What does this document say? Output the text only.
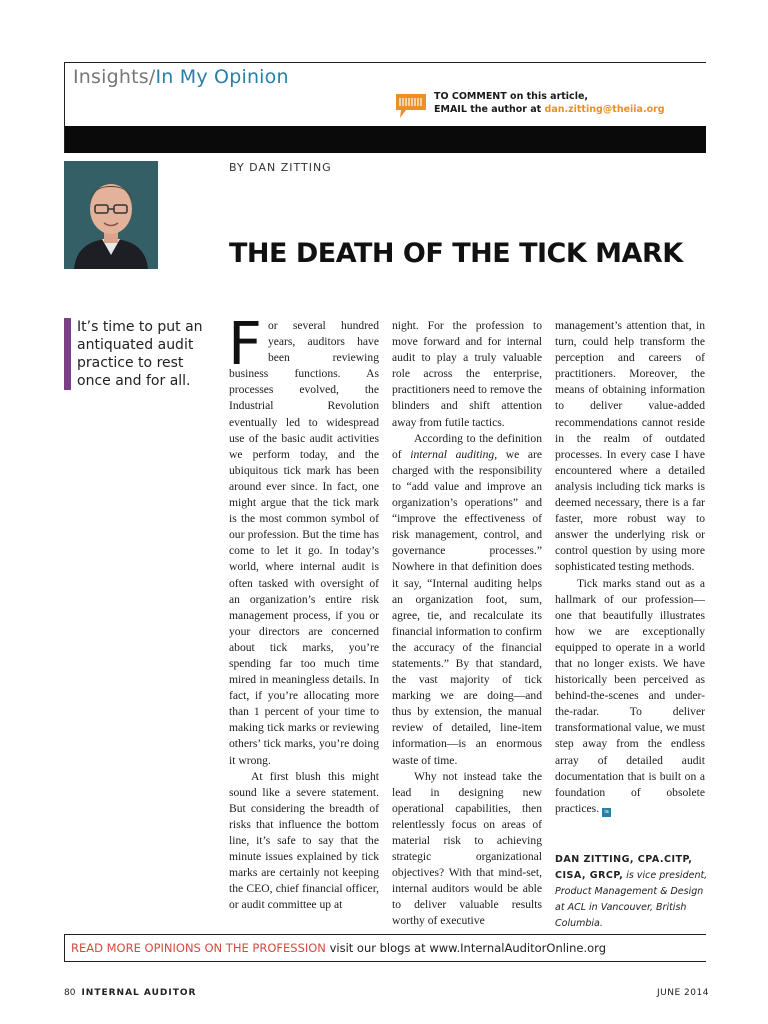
Insights/In My Opinion
TO COMMENT on this article,
EMAIL the author at dan.zitting@theiia.org
BY DAN ZITTING
THE DEATH OF THE TICK MARK
It’s time to put an antiquated audit practice to rest once and for all.

For several hundred years, auditors have been reviewing business functions. As processes evolved, the Industrial Revolution eventually led to widespread use of the basic audit activities we perform today, and the ubiquitous tick mark has been around ever since. In fact, one might argue that the tick mark is the most common symbol of our profession. But the time has come to let it go. In today’s world, where internal audit is often tasked with oversight of an organization’s entire risk management process, if you or your directors are concerned about tick marks, you’re spending far too much time mired in meaningless details. In fact, if you’re allocating more than 1 percent of your time to making tick marks or reviewing others’ tick marks, you’re doing it wrong.

At first blush this might sound like a severe statement. But considering the breadth of risks that influence the bottom line, it’s safe to say that the minute issues explained by tick marks are certainly not keeping the CEO, chief financial officer, or audit committee up at

night. For the profession to move forward and for internal audit to play a truly valuable role across the enterprise, practitioners need to remove the blinders and shift attention away from futile tactics.

According to the definition of internal auditing, we are charged with the responsibility to “add value and improve an organization’s operations” and “improve the effectiveness of risk management, control, and governance processes.” Nowhere in that definition does it say, “Internal auditing helps an organization foot, sum, agree, tie, and recalculate its financial information to confirm the accuracy of the financial statements.” By that standard, the vast majority of tick marking we are doing—and thus by extension, the manual review of detailed, line-item information—is an enormous waste of time.

Why not instead take the lead in designing new operational capabilities, then relentlessly focus on areas of material risk to achieving strategic organizational objectives? With that mind-set, internal auditors would be able to deliver valuable results worthy of executive

management’s attention that, in turn, could help transform the perception and careers of practitioners. Moreover, the means of obtaining information to deliver value-added recommendations cannot reside in the realm of outdated processes. In every case I have encountered where a detailed analysis including tick marks is deemed necessary, there is a far faster, more robust way to answer the underlying risk or control question by using more sophisticated testing methods.

Tick marks stand out as a hallmark of our profession—one that beautifully illustrates how we are exceptionally equipped to operate in a world that no longer exists. We have historically been perceived as behind-the-scenes and under-the-radar. To deliver transformational value, we must step away from the endless array of detailed audit documentation that is built on a foundation of obsolete practices.	ia

DAN ZITTING, CPA.CITP, CISA, GRCP, is vice president, Product Management & Design at ACL in Vancouver, British Columbia.
READ MORE OPINIONS ON THE PROFESSION visit our blogs at www.InternalAuditorOnline.org
80 INTERNAL AUDITOR	JUNE 2014
